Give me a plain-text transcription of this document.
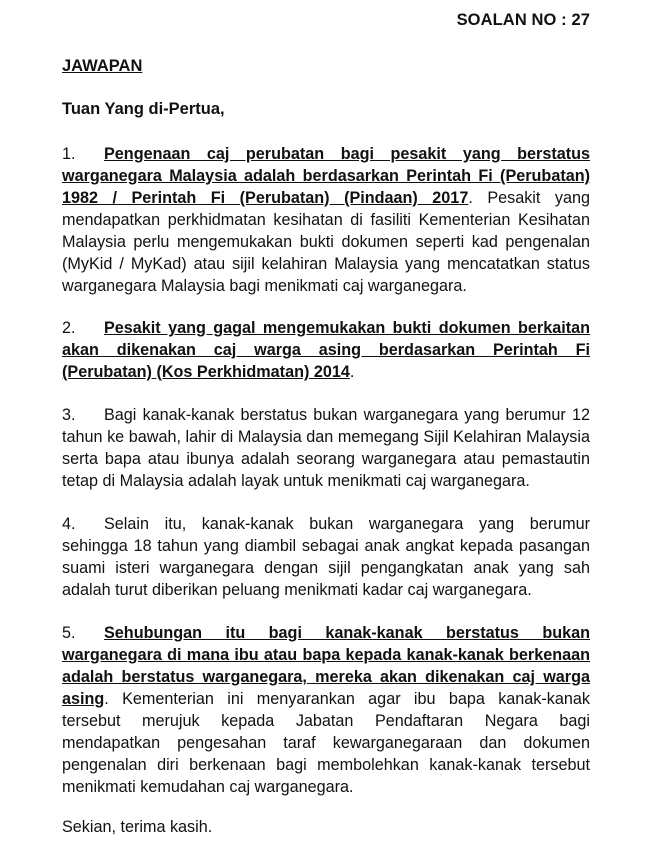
SOALAN NO : 27
JAWAPAN
Tuan Yang di-Pertua,

1. Pengenaan caj perubatan bagi pesakit yang berstatus warganegara Malaysia adalah berdasarkan Perintah Fi (Perubatan) 1982 / Perintah Fi (Perubatan) (Pindaan) 2017. Pesakit yang mendapatkan perkhidmatan kesihatan di fasiliti Kementerian Kesihatan Malaysia perlu mengemukakan bukti dokumen seperti kad pengenalan (MyKid / MyKad) atau sijil kelahiran Malaysia yang mencatatkan status warganegara Malaysia bagi menikmati caj warganegara.

2. Pesakit yang gagal mengemukakan bukti dokumen berkaitan akan dikenakan caj warga asing berdasarkan Perintah Fi (Perubatan) (Kos Perkhidmatan) 2014.

3. Bagi kanak-kanak berstatus bukan warganegara yang berumur 12 tahun ke bawah, lahir di Malaysia dan memegang Sijil Kelahiran Malaysia serta bapa atau ibunya adalah seorang warganegara atau pemastautin tetap di Malaysia adalah layak untuk menikmati caj warganegara.

4. Selain itu, kanak-kanak bukan warganegara yang berumur sehingga 18 tahun yang diambil sebagai anak angkat kepada pasangan suami isteri warganegara dengan sijil pengangkatan anak yang sah adalah turut diberikan peluang menikmati kadar caj warganegara.

5. Sehubungan itu bagi kanak-kanak berstatus bukan warganegara di mana ibu atau bapa kepada kanak-kanak berkenaan adalah berstatus warganegara, mereka akan dikenakan caj warga asing. Kementerian ini menyarankan agar ibu bapa kanak-kanak tersebut merujuk kepada Jabatan Pendaftaran Negara bagi mendapatkan pengesahan taraf kewarganegaraan dan dokumen pengenalan diri berkenaan bagi membolehkan kanak-kanak tersebut menikmati kemudahan caj warganegara.

Sekian, terima kasih.
